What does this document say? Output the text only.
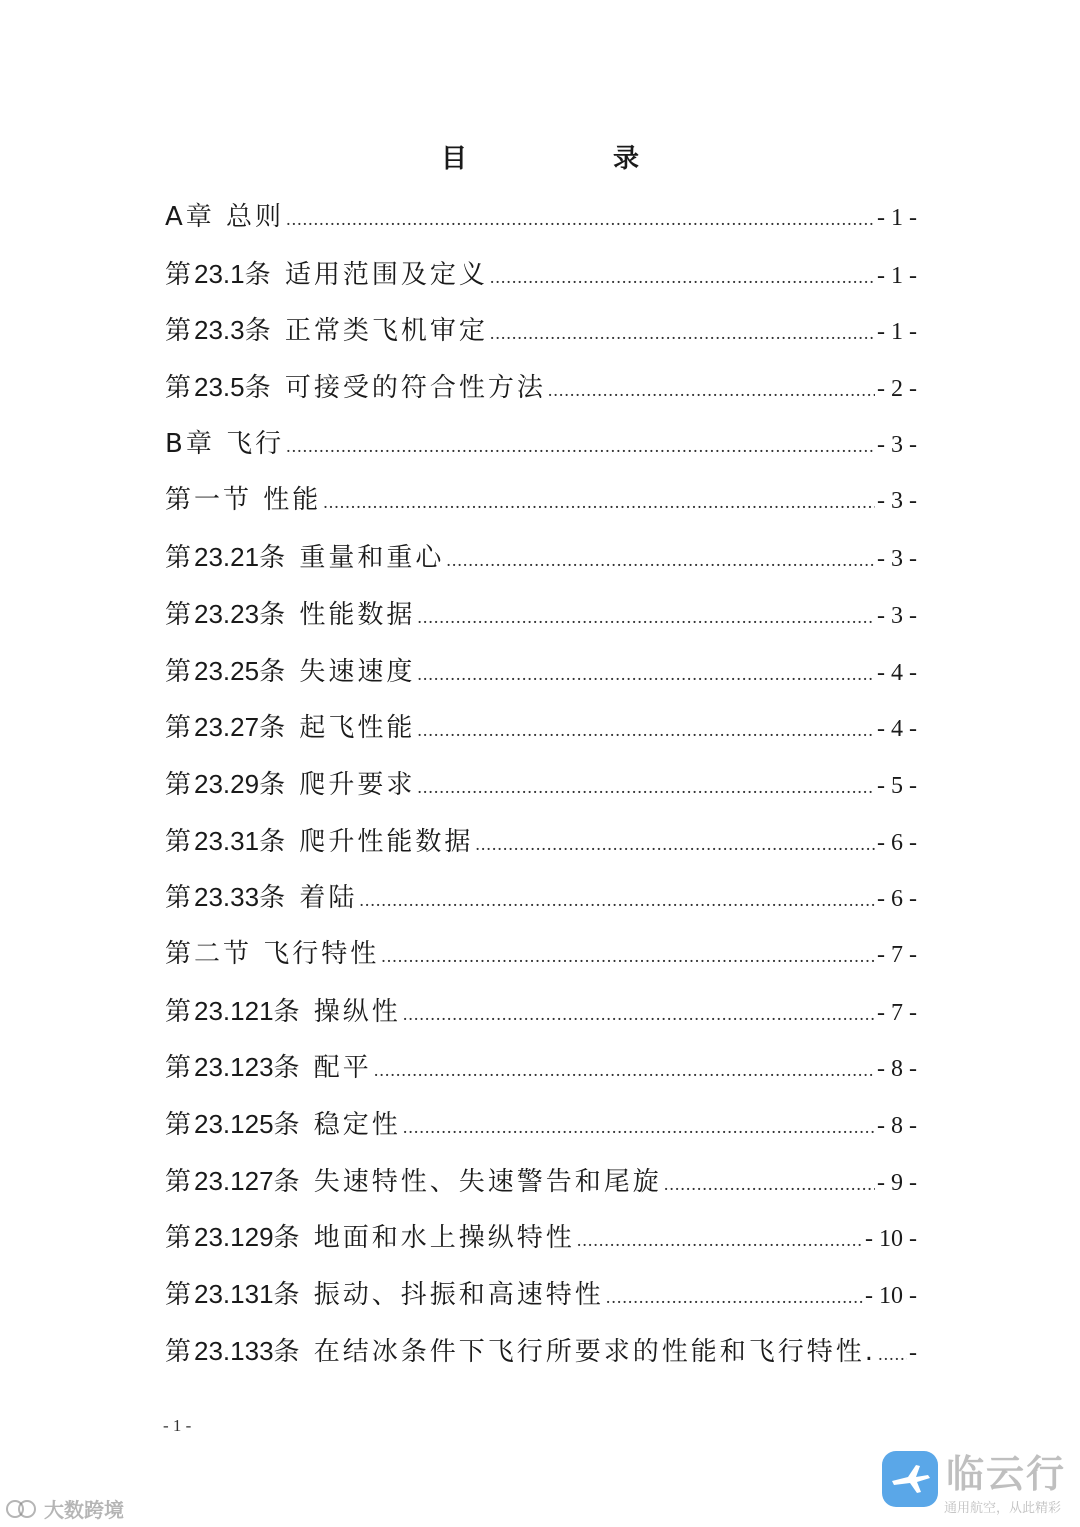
目　录
A章 总则 .....	- 1 -
第23.1条 适用范围及定义 .....	- 1 -
第23.3条 正常类飞机审定 .....	- 1 -
第23.5条 可接受的符合性方法 .....	- 2 -
B章 飞行 .....	- 3 -
第一节 性能 .....	- 3 -
第23.21条 重量和重心 .....	- 3 -
第23.23条 性能数据 .....	- 3 -
第23.25条 失速速度 .....	- 4 -
第23.27条 起飞性能 .....	- 4 -
第23.29条 爬升要求 .....	- 5 -
第23.31条 爬升性能数据 .....	- 6 -
第23.33条 着陆 .....	- 6 -
第二节 飞行特性 .....	- 7 -
第23.121条 操纵性 .....	- 7 -
第23.123条 配平 .....	- 8 -
第23.125条 稳定性 .....	- 8 -
第23.127条 失速特性、失速警告和尾旋 .....	- 9 -
第23.129条 地面和水上操纵特性 .....	- 10 -
第23.131条 振动、抖振和高速特性 .....	- 10 -
第23.133条 在结冰条件下飞行所要求的性能和飞行特性. ..... -
- 1 -
大数跨境
临云行
通用航空，从此精彩
